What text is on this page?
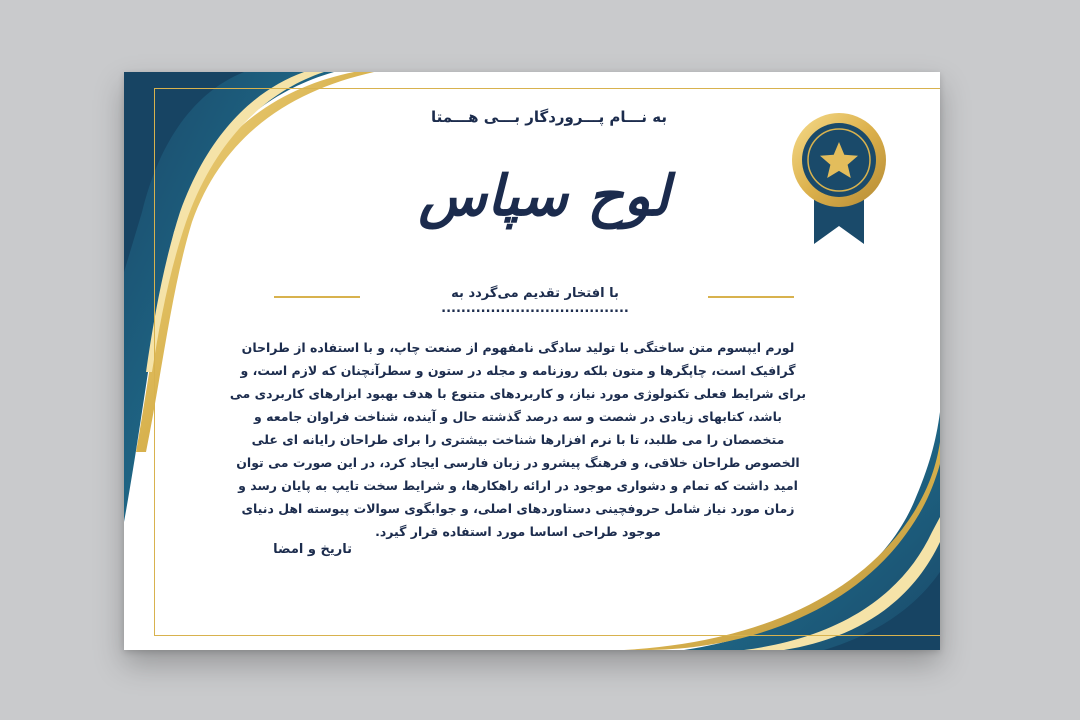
به نـــام پـــروردگار بـــی هـــمتا
لوح سپاس
با افتخار تقدیم می‌گردد به ......................................
لورم ایپسوم متن ساختگی با تولید سادگی نامفهوم از صنعت چاپ، و با استفاده از طراحان گرافیک است، چاپگرها و متون بلکه روزنامه و مجله در ستون و سطرآنچنان که لازم است، و برای شرایط فعلی تکنولوژی مورد نیاز، و کاربردهای متنوع با هدف بهبود ابزارهای کاربردی می باشد، کتابهای زیادی در شصت و سه درصد گذشته حال و آینده، شناخت فراوان جامعه و متخصصان را می طلبد، تا با نرم افزارها شناخت بیشتری را برای طراحان رایانه ای علی الخصوص طراحان خلاقی، و فرهنگ پیشرو در زبان فارسی ایجاد کرد، در این صورت می توان امید داشت که تمام و دشواری موجود در ارائه راهکارها، و شرایط سخت تایپ به پایان رسد و زمان مورد نیاز شامل حروفچینی دستاوردهای اصلی، و جوابگوی سوالات پیوسته اهل دنیای موجود طراحی اساسا مورد استفاده قرار گیرد.
تاریخ و امضا
